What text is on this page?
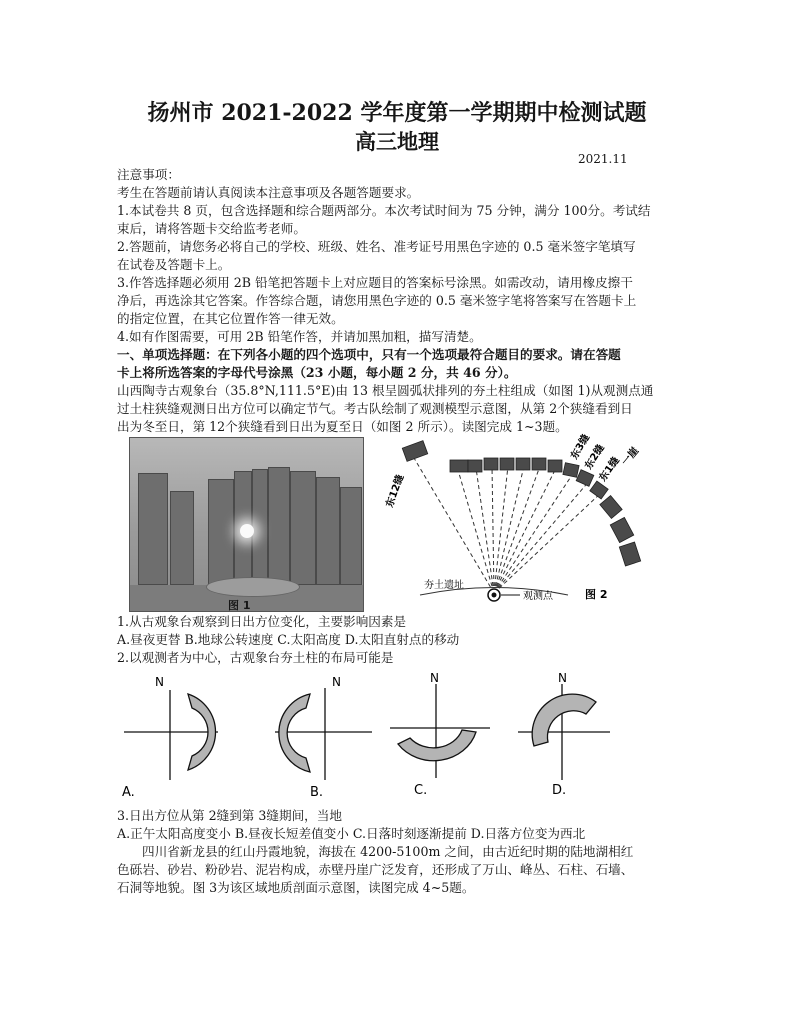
扬州市 2021-2022 学年度第一学期期中检测试题
高三地理
2021.11
注意事项：
考生在答题前请认真阅读本注意事项及各题答题要求。
1.本试卷共 8 页，包含选择题和综合题两部分。本次考试时间为 75 分钟，满分 100分。考试结
束后，请将答题卡交给监考老师。
2.答题前，请您务必将自己的学校、班级、姓名、准考证号用黑色字迹的 0.5 毫米签字笔填写
在试卷及答题卡上。
3.作答选择题必须用 2B 铅笔把答题卡上对应题目的答案标号涂黑。如需改动，请用橡皮擦干
净后，再选涂其它答案。作答综合题，请您用黑色字迹的 0.5 毫米签字笔将答案写在答题卡上
的指定位置，在其它位置作答一律无效。
4.如有作图需要，可用 2B 铅笔作答，并请加黑加粗，描写清楚。
一、单项选择题：在下列各小题的四个选项中，只有一个选项最符合题目的要求。请在答题
卡上将所选答案的字母代号涂黑（23 小题，每小题 2 分，共 46 分）。
山西陶寺古观象台（35.8°N,111.5°E)由 13 根呈圆弧状排列的夯土柱组成（如图 1)从观测点通
过土柱狭缝观测日出方位可以确定节气。考古队绘制了观测模型示意图，从第 2个狭缝看到日
出为冬至日，第 12个狭缝看到日出为夏至日（如图 2 所示）。读图完成 1~3题。
图 1
东12缝
东3缝
东2缝
东1缝
一崖
夯土遗址
观测点	图 2
1.从古观象台观察到日出方位变化，主要影响因素是
A.昼夜更替 B.地球公转速度 C.太阳高度 D.太阳直射点的移动
2.以观测者为中心，古观象台夯土柱的布局可能是
N
A.
N
B.
N
C.
N
D.
3.日出方位从第 2缝到第 3缝期间，当地
A.正午太阳高度变小 B.昼夜长短差值变小 C.日落时刻逐渐提前 D.日落方位变为西北
四川省新龙县的红山丹霞地貌，海拔在 4200-5100m 之间，由古近纪时期的陆地湖相红
色砾岩、砂岩、粉砂岩、泥岩构成，赤壁丹崖广泛发育，还形成了万山、峰丛、石柱、石墙、
石洞等地貌。图 3为该区域地质剖面示意图，读图完成 4~5题。
